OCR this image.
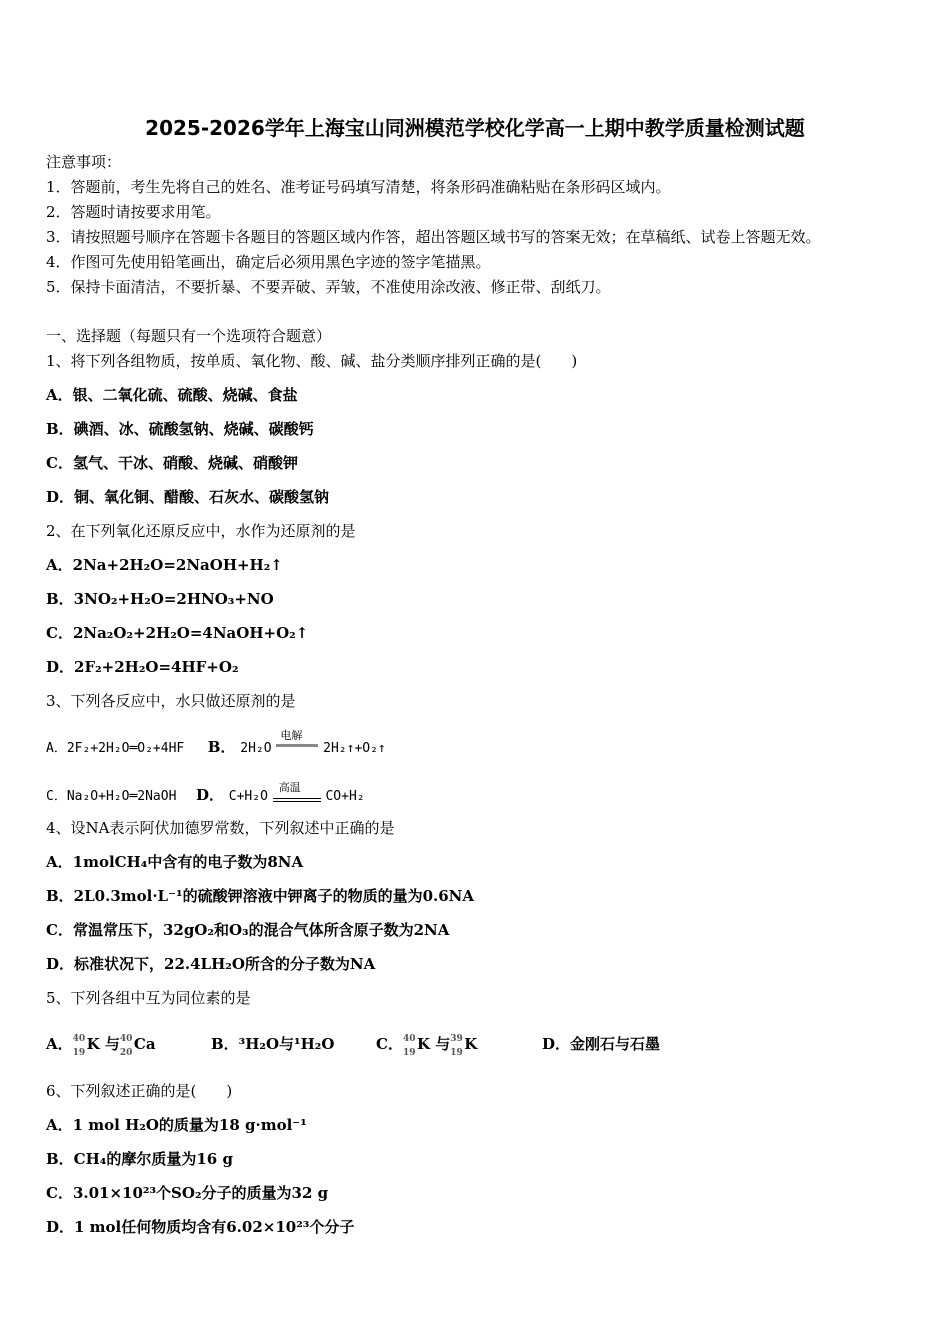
2025-2026学年上海宝山同洲模范学校化学高一上期中教学质量检测试题
注意事项：
1．答题前，考生先将自己的姓名、准考证号码填写清楚，将条形码准确粘贴在条形码区域内。
2．答题时请按要求用笔。
3．请按照题号顺序在答题卡各题目的答题区域内作答，超出答题区域书写的答案无效；在草稿纸、试卷上答题无效。
4．作图可先使用铅笔画出，确定后必须用黑色字迹的签字笔描黑。
5．保持卡面清洁，不要折暴、不要弄破、弄皱，不准使用涂改液、修正带、刮纸刀。
一、选择题（每题只有一个选项符合题意）
1、将下列各组物质，按单质、氧化物、酸、碱、盐分类顺序排列正确的是(　　)
A．银、二氧化硫、硫酸、烧碱、食盐
B．碘酒、冰、硫酸氢钠、烧碱、碳酸钙
C．氢气、干冰、硝酸、烧碱、硝酸钾
D．铜、氧化铜、醋酸、石灰水、碳酸氢钠
2、在下列氧化还原反应中，水作为还原剂的是
A．2Na+2H₂O=2NaOH+H₂↑
B．3NO₂+H₂O=2HNO₃+NO
C．2Na₂O₂+2H₂O=4NaOH+O₂↑
D．2F₂+2H₂O=4HF+O₂
3、下列各反应中，水只做还原剂的是
A．2F₂+2H₂O═O₂+4HF B． 2H₂O
电解
2H₂↑+O₂↑
C．Na₂O+H₂O═2NaOH D． C+H₂O
高温
CO+H₂
4、设NA表示阿伏加德罗常数，下列叙述中正确的是
A．1molCH₄中含有的电子数为8NA
B．2L0.3mol·L⁻¹的硫酸钾溶液中钾离子的物质的量为0.6NA
C．常温常压下，32gO₂和O₃的混合气体所含原子数为2NA
D．标准状况下，22.4LH₂O所含的分子数为NA
5、下列各组中互为同位素的是
A． 40
19 K 与 40
20 Ca	B．³H₂O与¹H₂O	C． 40
19 K 与 39
19 K	D．金刚石与石墨
6、下列叙述正确的是(　　)
A．1 mol H₂O的质量为18 g·mol⁻¹
B．CH₄的摩尔质量为16 g
C．3.01×10²³个SO₂分子的质量为32 g
D．1 mol任何物质均含有6.02×10²³个分子
